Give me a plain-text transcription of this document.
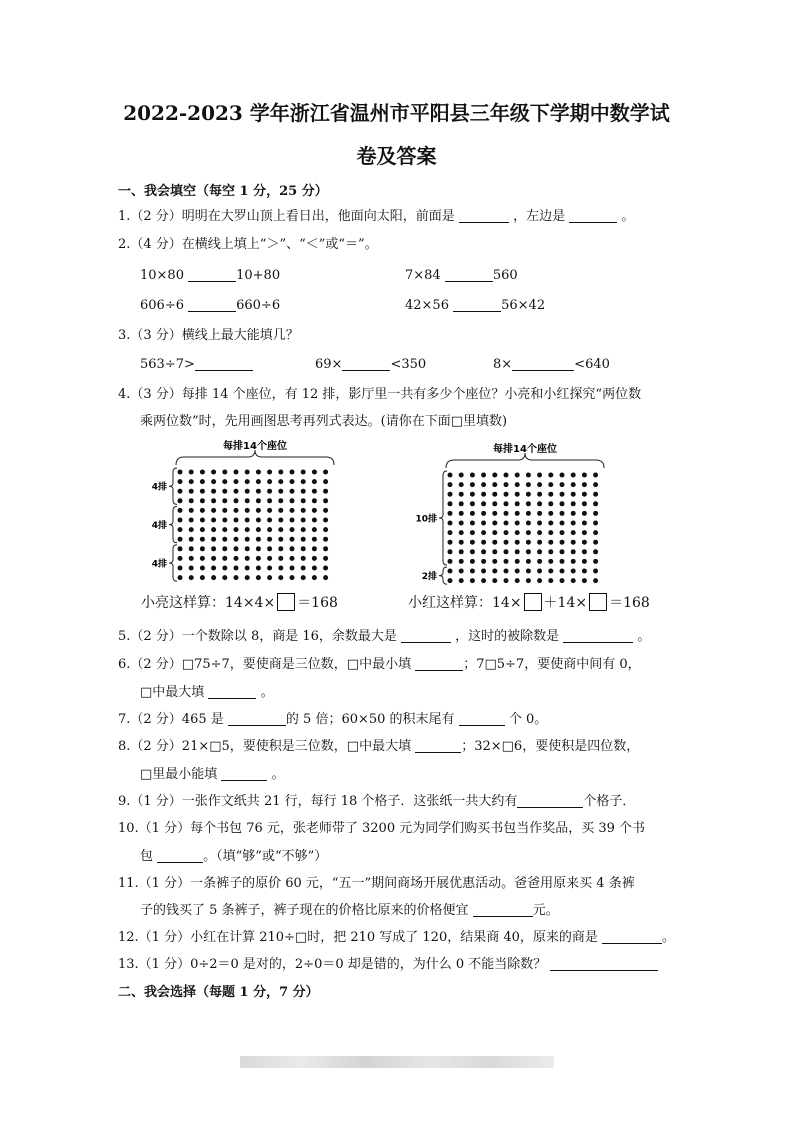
2022-2023 学年浙江省温州市平阳县三年级下学期中数学试
卷及答案
一、我会填空（每空 1 分，25 分）
1.（2 分）明明在大罗山顶上看日出，他面向太阳，前面是	，左边是	。
2.（4 分）在横线上填上“＞”、“＜”或“＝”。
10×80	10+80	7×84	560
606÷6	660÷6	42×56	56×42
3.（3 分）横线上最大能填几？
563÷7>	69×	<350	8×	<640
4.（3 分）每排 14 个座位，有 12 排，影厅里一共有多少个座位？小亮和小红探究“两位数
乘两位数”时，先用画图思考再列式表达。(请你在下面□里填数)
每排14个座位
4排
4排
4排
小亮这样算：14×4× ＝168
每排14个座位
10排
2排
小红这样算：14× ＋14× ＝168
5.（2 分）一个数除以 8，商是 16，余数最大是	，这时的被除数是	。
6.（2 分）□75÷7，要使商是三位数，□中最小填	；7□5÷7，要使商中间有 0，
□中最大填	。
7.（2 分）465 是	的 5 倍；60×50 的积末尾有	个 0。
8.（2 分）21×□5，要使积是三位数，□中最大填	；32×□6，要使积是四位数，
□里最小能填	。
9.（1 分）一张作文纸共 21 行，每行 18 个格子．这张纸一共大约有	个格子．
10.（1 分）每个书包 76 元，张老师带了 3200 元为同学们购买书包当作奖品，买 39 个书
包	。（填“够”或“不够”）
11.（1 分）一条裤子的原价 60 元，“五一”期间商场开展优惠活动。爸爸用原来买 4 条裤
子的钱买了 5 条裤子，裤子现在的价格比原来的价格便宜	元。
12.（1 分）小红在计算 210÷□时，把 210 写成了 120，结果商 40，原来的商是	。
13.（1 分）0÷2＝0 是对的，2÷0＝0 却是错的，为什么 0 不能当除数？
二、我会选择（每题 1 分，7 分）
